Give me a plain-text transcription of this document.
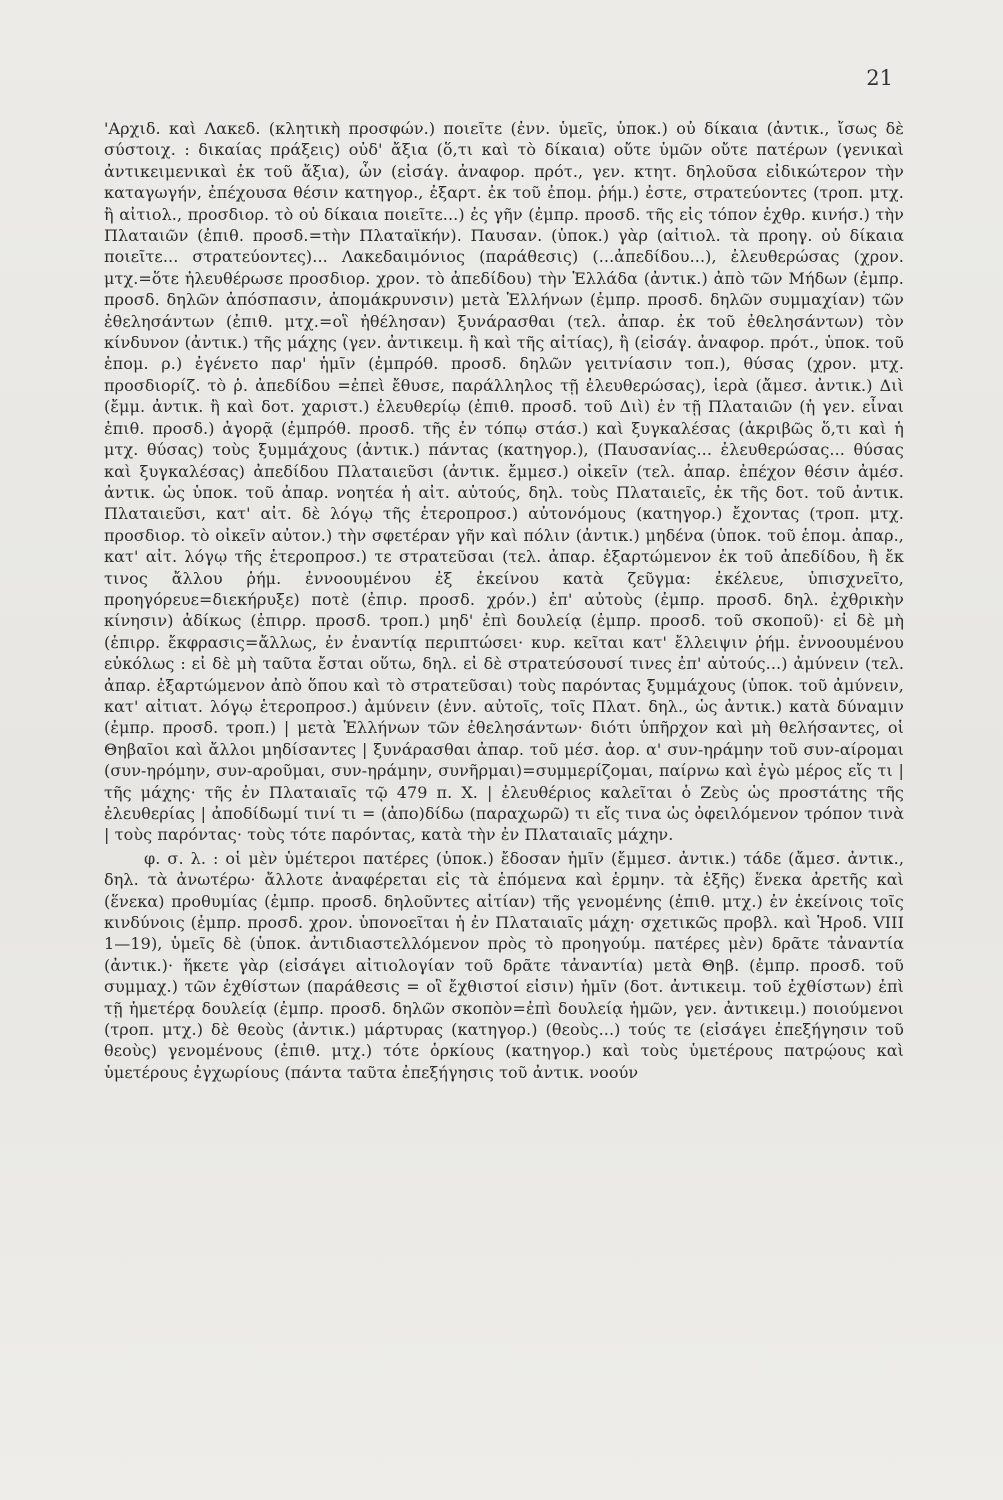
21

'Αρχιδ. καὶ Λακεδ. (κλητικὴ προσφών.) ποιεῖτε (ἐνν. ὑμεῖς, ὑποκ.) οὐ δίκαια (ἀντικ., ἴσως δὲ σύστοιχ. : δικαίας πράξεις) οὐδ' ἄξια (ὅ,τι καὶ τὸ δίκαια) οὔτε ὑμῶν οὔτε πατέρων (γενικαὶ ἀντικειμενικαὶ ἐκ τοῦ ἄξια), ὧν (εἰσάγ. ἀναφορ. πρότ., γεν. κτητ. δηλοῦσα εἰδικώτερον τὴν καταγωγήν, ἐπέχουσα θέσιν κατηγορ., ἐξαρτ. ἐκ τοῦ ἐπομ. ῥήμ.) ἐστε, στρατεύοντες (τροπ. μτχ. ἢ αἰτιολ., προσδιορ. τὸ οὐ δίκαια ποιεῖτε...) ἐς γῆν (ἐμπρ. προσδ. τῆς εἰς τόπον ἐχθρ. κινήσ.) τὴν Πλαταιῶν (ἐπιθ. προσδ.=τὴν Πλαταϊκήν). Παυσαν. (ὑποκ.) γὰρ (αἰτιολ. τὰ προηγ. οὐ δίκαια ποιεῖτε... στρατεύοντες)... Λακεδαιμόνιος (παράθεσις) (...ἀπεδίδου...), ἐλευθερώσας (χρον. μτχ.=ὅτε ἠλευθέρωσε προσδιορ. χρον. τὸ ἀπεδίδου) τὴν Ἑλλάδα (ἀντικ.) ἀπὸ τῶν Μήδων (ἐμπρ. προσδ. δηλῶν ἀπόσπασιν, ἀπομάκρυνσιν) μετὰ Ἑλλήνων (ἐμπρ. προσδ. δηλῶν συμμαχίαν) τῶν ἐθελησάντων (ἐπιθ. μτχ.=οἳ ἠθέλησαν) ξυνάρασθαι (τελ. ἀπαρ. ἐκ τοῦ ἐθελησάντων) τὸν κίνδυνον (ἀντικ.) τῆς μάχης (γεν. ἀντικειμ. ἢ καὶ τῆς αἰτίας), ἢ (εἰσάγ. ἀναφορ. πρότ., ὑποκ. τοῦ ἑπομ. ρ.) ἐγένετο παρ' ἡμῖν (ἐμπρόθ. προσδ. δηλῶν γειτνίασιν τοπ.), θύσας (χρον. μτχ. προσδιορίζ. τὸ ῥ. ἀπεδίδου =ἐπεὶ ἔθυσε, παράλληλος τῇ ἐλευθερώσας), ἱερὰ (ἄμεσ. ἀντικ.) Διὶ (ἔμμ. ἀντικ. ἢ καὶ δοτ. χαριστ.) ἐλευθερίῳ (ἐπιθ. προσδ. τοῦ Διὶ) ἐν τῇ Πλαταιῶν (ἡ γεν. εἶναι ἐπιθ. προσδ.) ἀγορᾷ (ἐμπρόθ. προσδ. τῆς ἐν τόπῳ στάσ.) καὶ ξυγκαλέσας (ἀκριβῶς ὅ,τι καὶ ἡ μτχ. θύσας) τοὺς ξυμμάχους (ἀντικ.) πάντας (κατηγορ.), (Παυσανίας... ἐλευθερώσας... θύσας καὶ ξυγκαλέσας) ἀπεδίδου Πλαταιεῦσι (ἀντικ. ἔμμεσ.) οἰκεῖν (τελ. ἀπαρ. ἐπέχον θέσιν ἀμέσ. ἀντικ. ὡς ὑποκ. τοῦ ἀπαρ. νοητέα ἡ αἰτ. αὐτούς, δηλ. τοὺς Πλαταιεῖς, ἐκ τῆς δοτ. τοῦ ἀντικ. Πλαταιεῦσι, κατ' αἰτ. δὲ λόγῳ τῆς ἑτεροπροσ.) αὐτονόμους (κατηγορ.) ἔχοντας (τροπ. μτχ. προσδιορ. τὸ οἰκεῖν αὐτον.) τὴν σφετέραν γῆν καὶ πόλιν (ἀντικ.) μηδένα (ὑποκ. τοῦ ἑπομ. ἀπαρ., κατ' αἰτ. λόγῳ τῆς ἑτεροπροσ.) τε στρατεῦσαι (τελ. ἀπαρ. ἐξαρτώμενον ἐκ τοῦ ἀπεδίδου, ἢ ἔκ τινος ἄλλου ῥήμ. ἐννοουμένου ἐξ ἐκείνου κατὰ ζεῦγμα: ἐκέλευε, ὑπισχνεῖτο, προηγόρευε=διεκήρυξε) ποτὲ (ἐπιρ. προσδ. χρόν.) ἐπ' αὐτοὺς (ἐμπρ. προσδ. δηλ. ἐχθρικὴν κίνησιν) ἀδίκως (ἐπιρρ. προσδ. τροπ.) μηδ' ἐπὶ δουλείᾳ (ἐμπρ. προσδ. τοῦ σκοποῦ)· εἰ δὲ μὴ (ἐπιρρ. ἔκφρασις=ἄλλως, ἐν ἐναντίᾳ περιπτώσει· κυρ. κεῖται κατ' ἔλλειψιν ῥήμ. ἐννοουμένου εὐκόλως : εἰ δὲ μὴ ταῦτα ἔσται οὕτω, δηλ. εἰ δὲ στρατεύσουσί τινες ἐπ' αὐτούς...) ἀμύνειν (τελ. ἀπαρ. ἐξαρτώμενον ἀπὸ ὅπου καὶ τὸ στρατεῦσαι) τοὺς παρόντας ξυμμάχους (ὑποκ. τοῦ ἀμύνειν, κατ' αἰτιατ. λόγῳ ἑτεροπροσ.) ἀμύνειν (ἐνν. αὐτοῖς, τοῖς Πλατ. δηλ., ὡς ἀντικ.) κατὰ δύναμιν (ἐμπρ. προσδ. τροπ.) | μετὰ Ἑλλήνων τῶν ἐθελησάντων· διότι ὑπῆρχον καὶ μὴ θελήσαντες, οἱ Θηβαῖοι καὶ ἄλλοι μηδίσαντες | ξυνάρασθαι ἀπαρ. τοῦ μέσ. ἀορ. α' συν-ηράμην τοῦ συν-αίρομαι (συν-ηρόμην, συν-αροῦμαι, συν-ηράμην, συνῆρμαι)=συμμερίζομαι, παίρνω καὶ ἐγὼ μέρος εἴς τι | τῆς μάχης· τῆς ἐν Πλαταιαῖς τῷ 479 π. Χ. | ἐλευθέριος καλεῖται ὁ Ζεὺς ὡς προστάτης τῆς ἐλευθερίας | ἀποδίδωμί τινί τι = (ἀπο)δίδω (παραχωρῶ) τι εἴς τινα ὡς ὀφειλόμενον τρόπον τινὰ | τοὺς παρόντας· τοὺς τότε παρόντας, κατὰ τὴν ἐν Πλαταιαῖς μάχην.

φ. σ. λ. : οἱ μὲν ὑμέτεροι πατέρες (ὑποκ.) ἔδοσαν ἡμῖν (ἔμμεσ. ἀντικ.) τάδε (ἄμεσ. ἀντικ., δηλ. τὰ ἀνωτέρω· ἄλλοτε ἀναφέρεται εἰς τὰ ἑπόμενα καὶ ἑρμην. τὰ ἑξῆς) ἕνεκα ἀρετῆς καὶ (ἕνεκα) προθυμίας (ἐμπρ. προσδ. δηλοῦντες αἰτίαν) τῆς γενομένης (ἐπιθ. μτχ.) ἐν ἐκείνοις τοῖς κινδύνοις (ἐμπρ. προσδ. χρον. ὑπονοεῖται ἡ ἐν Πλαταιαῖς μάχη· σχετικῶς προβλ. καὶ Ἡροδ. VIII 1—19), ὑμεῖς δὲ (ὑποκ. ἀντιδιαστελλόμενον πρὸς τὸ προηγούμ. πατέρες μὲν) δρᾶτε τἀναντία (ἀντικ.)· ἥκετε γὰρ (εἰσάγει αἰτιολογίαν τοῦ δρᾶτε τἀναντία) μετὰ Θηβ. (ἐμπρ. προσδ. τοῦ συμμαχ.) τῶν ἐχθίστων (παράθεσις = οἳ ἔχθιστοί εἰσιν) ἡμῖν (δοτ. ἀντικειμ. τοῦ ἐχθίστων) ἐπὶ τῇ ἡμετέρᾳ δουλείᾳ (ἐμπρ. προσδ. δηλῶν σκοπὸν=ἐπὶ δουλείᾳ ἡμῶν, γεν. ἀντικειμ.) ποιούμενοι (τροπ. μτχ.) δὲ θεοὺς (ἀντικ.) μάρτυρας (κατηγορ.) (θεοὺς...) τούς τε (εἰσάγει ἐπεξήγησιν τοῦ θεοὺς) γενομένους (ἐπιθ. μτχ.) τότε ὁρκίους (κατηγορ.) καὶ τοὺς ὑμετέρους πατρῴους καὶ ὑμετέρους ἐγχωρίους (πάντα ταῦτα ἐπεξήγησις τοῦ ἀντικ. νοούν
